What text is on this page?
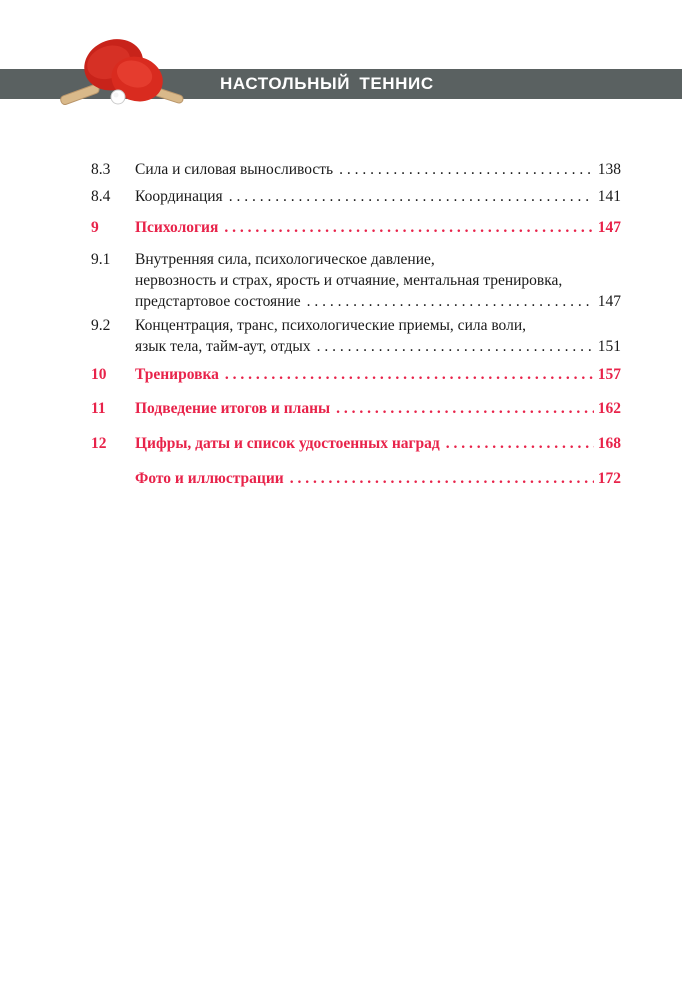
НАСТОЛЬНЫЙ ТЕННИС
8.3	Сила и силовая выносливость . . .	138
8.4	Координация . . .	141
9	Психология . . .	147
9.1	Внутренняя сила, психологическое давление,
нервозность и страх, ярость и отчаяние, ментальная тренировка,
предстартовое состояние . . .	147
9.2	Концентрация, транс, психологические приемы, сила воли,
язык тела, тайм-аут, отдых . . .	151
10	Тренировка . . .	157
11	Подведение итогов и планы . . .	162
12	Цифры, даты и список удостоенных наград . . .	168
Фото и иллюстрации . . .	172
